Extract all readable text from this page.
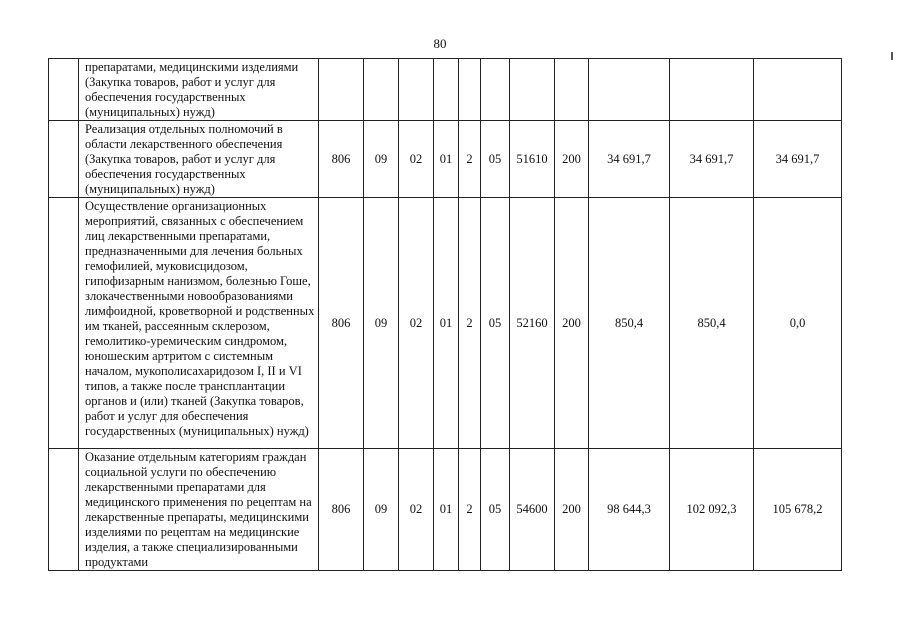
80
	препаратами, медицинскими изделиями (Закупка товаров, работ и услуг для обеспечения государственных (муниципальных) нужд)											
	Реализация отдельных полномочий в области лекарственного обеспечения (Закупка товаров, работ и услуг для обеспечения государственных (муниципальных) нужд)	806	09	02	01	2	05	51610	200	34 691,7	34 691,7	34 691,7
	Осуществление организационных мероприятий, связанных с обеспечением лиц лекарственными препаратами, предназначенными для лечения больных гемофилией, муковисцидозом, гипофизарным нанизмом, болезнью Гоше, злокачественными новообразованиями лимфоидной, кроветворной и родственных им тканей, рассеянным склерозом, гемолитико-уремическим синдромом, юношеским артритом с системным началом, мукополисахаридозом I, II и VI типов, а также после трансплантации органов и (или) тканей (Закупка товаров, работ и услуг для обеспечения государственных (муниципальных) нужд)	806	09	02	01	2	05	52160	200	850,4	850,4	0,0
	Оказание отдельным категориям граждан социальной услуги по обеспечению лекарственными препаратами для медицинского применения по рецептам на лекарственные препараты, медицинскими изделиями по рецептам на медицинские изделия, а также специализированными продуктами	806	09	02	01	2	05	54600	200	98 644,3	102 092,3	105 678,2
